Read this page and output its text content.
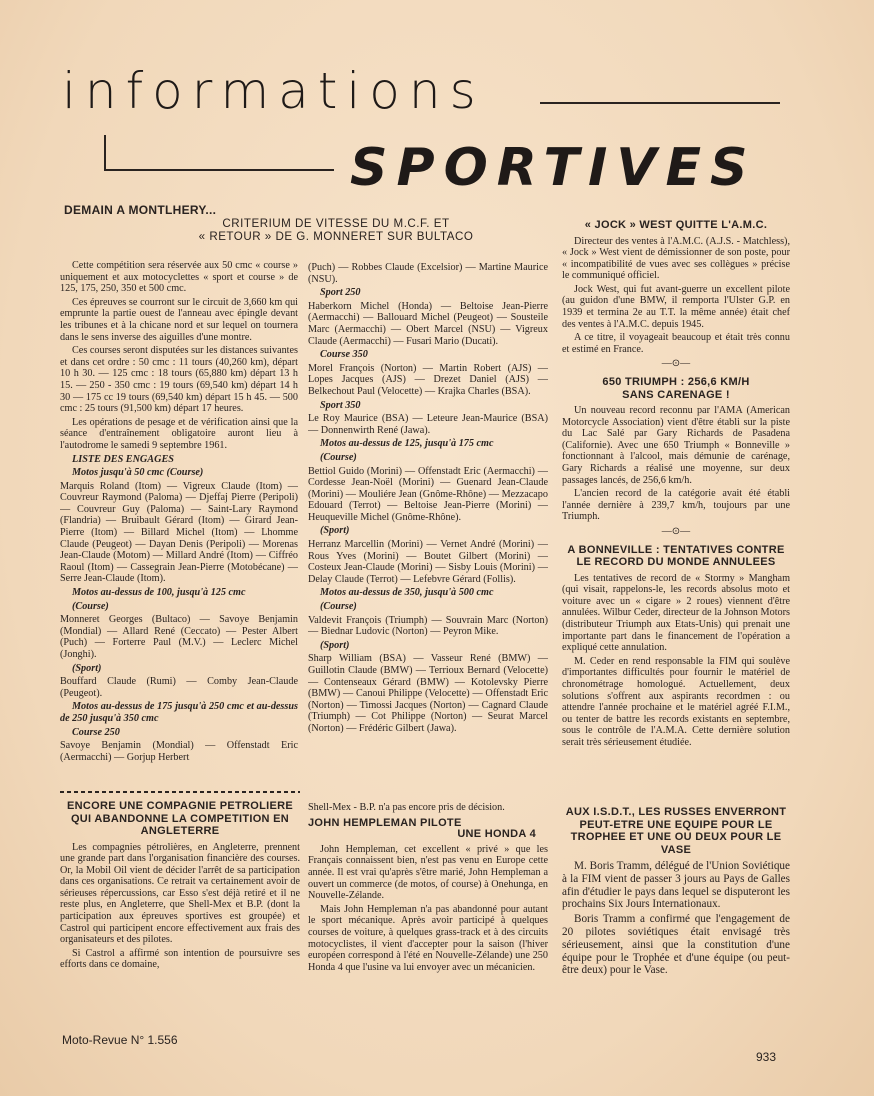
informations
SPORTIVES
DEMAIN A MONTLHERY...
CRITERIUM DE VITESSE DU M.C.F. ET
« RETOUR » DE G. MONNERET SUR BULTACO

Cette compétition sera réservée aux 50 cmc « course » uniquement et aux motocyclettes « sport et course » de 125, 175, 250, 350 et 500 cmc.

Ces épreuves se courront sur le circuit de 3,660 km qui emprunte la partie ouest de l'anneau avec épingle devant les tribunes et à la chicane nord et sur lequel on tournera dans le sens inverse des aiguilles d'une montre.

Ces courses seront disputées sur les distances suivantes et dans cet ordre : 50 cmc : 11 tours (40,260 km), départ 10 h 30. — 125 cmc : 18 tours (65,880 km) départ 13 h 15. — 250 - 350 cmc : 19 tours (69,540 km) départ 14 h 30 — 175 cc 19 tours (69,540 km) départ 15 h 45. — 500 cmc : 25 tours (91,500 km) départ 17 heures.

Les opérations de pesage et de vérification ainsi que la séance d'entraînement obligatoire auront lieu à l'autodrome le samedi 9 septembre 1961.

LISTE DES ENGAGES

Motos jusqu'à 50 cmc (Course)

Marquis Roland (Itom) — Vigreux Claude (Itom) — Couvreur Raymond (Paloma) — Djeffaj Pierre (Peripoli) — Couvreur Guy (Paloma) — Saint-Lary Raymond (Flandria) — Bruibault Gérard (Itom) — Girard Jean-Pierre (Itom) — Billard Michel (Itom) — Lhomme Claude (Peugeot) — Dayan Denis (Peripoli) — Morenas Jean-Claude (Motom) — Millard André (Itom) — Ciffréo Raoul (Itom) — Cassegrain Jean-Pierre (Motobécane) — Serre Jean-Claude (Itom).

Motos au-dessus de 100, jusqu'à 125 cmc

(Course)

Monneret Georges (Bultaco) — Savoye Benjamin (Mondial) — Allard René (Ceccato) — Pester Albert (Puch) — Forterre Paul (M.V.) — Leclerc Michel (Jonghi).

(Sport)

Bouffard Claude (Rumi) — Comby Jean-Claude (Peugeot).

Motos au-dessus de 175 jusqu'à 250 cmc et au-dessus de 250 jusqu'à 350 cmc

Course 250

Savoye Benjamin (Mondial) — Offenstadt Eric (Aermacchi) — Gorjup Herbert

(Puch) — Robbes Claude (Excelsior) — Martine Maurice (NSU).

Sport 250

Haberkorn Michel (Honda) — Beltoise Jean-Pierre (Aermacchi) — Ballouard Michel (Peugeot) — Sousteile Marc (Aermacchi) — Obert Marcel (NSU) — Vigreux Claude (Aermacchi) — Fusari Mario (Ducati).

Course 350

Morel François (Norton) — Martin Robert (AJS) — Lopes Jacques (AJS) — Drezet Daniel (AJS) — Belkechout Paul (Velocette) — Krajka Charles (BSA).

Sport 350

Le Roy Maurice (BSA) — Leteure Jean-Maurice (BSA) — Donnenwirth René (Jawa).

Motos au-dessus de 125, jusqu'à 175 cmc

(Course)

Bettiol Guido (Morini) — Offenstadt Eric (Aermacchi) — Cordesse Jean-Noël (Morini) — Guenard Jean-Claude (Morini) — Mouliére Jean (Gnôme-Rhône) — Mezzacapo Edouard (Terrot) — Beltoise Jean-Pierre (Morini) — Heuqueville Michel (Gnôme-Rhône).

(Sport)

Herranz Marcellin (Morini) — Vernet André (Morini) — Rous Yves (Morini) — Boutet Gilbert (Morini) — Costeux Jean-Claude (Morini) — Sisby Louis (Morini) — Delay Claude (Terrot) — Lefebvre Gérard (Follis).

Motos au-dessus de 350, jusqu'à 500 cmc

(Course)

Valdevit François (Triumph) — Souvrain Marc (Norton) — Biednar Ludovic (Norton) — Peyron Mike.

(Sport)

Sharp William (BSA) — Vasseur René (BMW) — Guillotin Claude (BMW) — Terrioux Bernard (Velocette) — Contenseaux Gérard (BMW) — Kotolevsky Pierre (BMW) — Canoui Philippe (Velocette) — Offenstadt Eric (Norton) — Timossi Jacques (Norton) — Cagnard Claude (Triumph) — Cot Philippe (Norton) — Seurat Marcel (Norton) — Frédéric Gilbert (Jawa).

ENCORE UNE COMPAGNIE PETROLIERE QUI ABANDONNE LA COMPETITION EN ANGLETERRE

Les compagnies pétrolières, en Angleterre, prennent une grande part dans l'organisation financière des courses. Or, la Mobil Oil vient de décider l'arrêt de sa participation dans ces organisations. Ce retrait va certainement avoir de sérieuses répercussions, car Esso s'est déjà retiré et il ne reste plus, en Angleterre, que Shell-Mex et B.P. (dont la participation aux épreuves sportives est groupée) et Castrol qui participent encore effectivement aux frais des organisateurs et des pilotes.

Si Castrol a affirmé son intention de poursuivre ses efforts dans ce domaine,

Shell-Mex - B.P. n'a pas encore pris de décision.

JOHN HEMPLEMAN PILOTE
UNE HONDA 4

John Hempleman, cet excellent « privé » que les Français connaissent bien, n'est pas venu en Europe cette année. Il est vrai qu'après s'être marié, John Hempleman a ouvert un commerce (de motos, of course) à Onehunga, en Nouvelle-Zélande.

Mais John Hempleman n'a pas abandonné pour autant le sport mécanique. Après avoir participé à quelques courses de voiture, à quelques grass-track et à des circuits motocyclistes, il vient d'accepter pour la saison (l'hiver européen correspond à l'été en Nouvelle-Zélande) une 250 Honda 4 que l'usine va lui envoyer avec un mécanicien.

« JOCK » WEST QUITTE L'A.M.C.

Directeur des ventes à l'A.M.C. (A.J.S. - Matchless), « Jock » West vient de démissionner de son poste, pour « incompatibilité de vues avec ses collègues » précise le communiqué officiel.

Jock West, qui fut avant-guerre un excellent pilote (au guidon d'une BMW, il remporta l'Ulster G.P. en 1939 et termina 2e au T.T. la même année) était chef des ventes à l'A.M.C. depuis 1945.

A ce titre, il voyageait beaucoup et était très connu et estimé en France.

—⊙—
650 TRIUMPH : 256,6 KM/H
SANS CARENAGE !

Un nouveau record reconnu par l'AMA (American Motorcycle Association) vient d'être établi sur la piste du Lac Salé par Gary Richards de Pasadena (Californie). Avec une 650 Triumph « Bonneville » fonctionnant à l'alcool, mais démunie de carénage, Gary Richards a réalisé une moyenne, sur deux passages lancés, de 256,6 km/h.

L'ancien record de la catégorie avait été établi l'année dernière à 239,7 km/h, toujours par une Triumph.

—⊙—
A BONNEVILLE : TENTATIVES CONTRE LE RECORD DU MONDE ANNULEES

Les tentatives de record de « Stormy » Mangham (qui visait, rappelons-le, les records absolus moto et voiture avec un « cigare » 2 roues) viennent d'être annulées. Wilbur Ceder, directeur de la Johnson Motors (distributeur Triumph aux Etats-Unis) qui prenait une importante part dans le financement de l'opération a expliqué cette annulation.

M. Ceder en rend responsable la FIM qui soulève d'importantes difficultés pour fournir le matériel de chronométrage homologué. Actuellement, deux solutions s'offrent aux aspirants recordmen : ou attendre l'année prochaine et le matériel agréé F.I.M., ou tenter de battre les records existants en septembre, sous le contrôle de l'A.M.A. Cette dernière solution serait très sérieusement étudiée.

AUX I.S.D.T., LES RUSSES ENVERRONT PEUT-ETRE UNE EQUIPE POUR LE TROPHEE ET UNE OU DEUX POUR LE VASE

M. Boris Tramm, délégué de l'Union Soviétique à la FIM vient de passer 3 jours au Pays de Galles afin d'étudier le pays dans lequel se disputeront les prochains Six Jours Internationaux.

Boris Tramm a confirmé que l'engagement de 20 pilotes soviétiques était envisagé très sérieusement, ainsi que la constitution d'une équipe pour le Trophée et d'une équipe (ou peut-être deux) pour le Vase.

Moto-Revue N° 1.556
933
